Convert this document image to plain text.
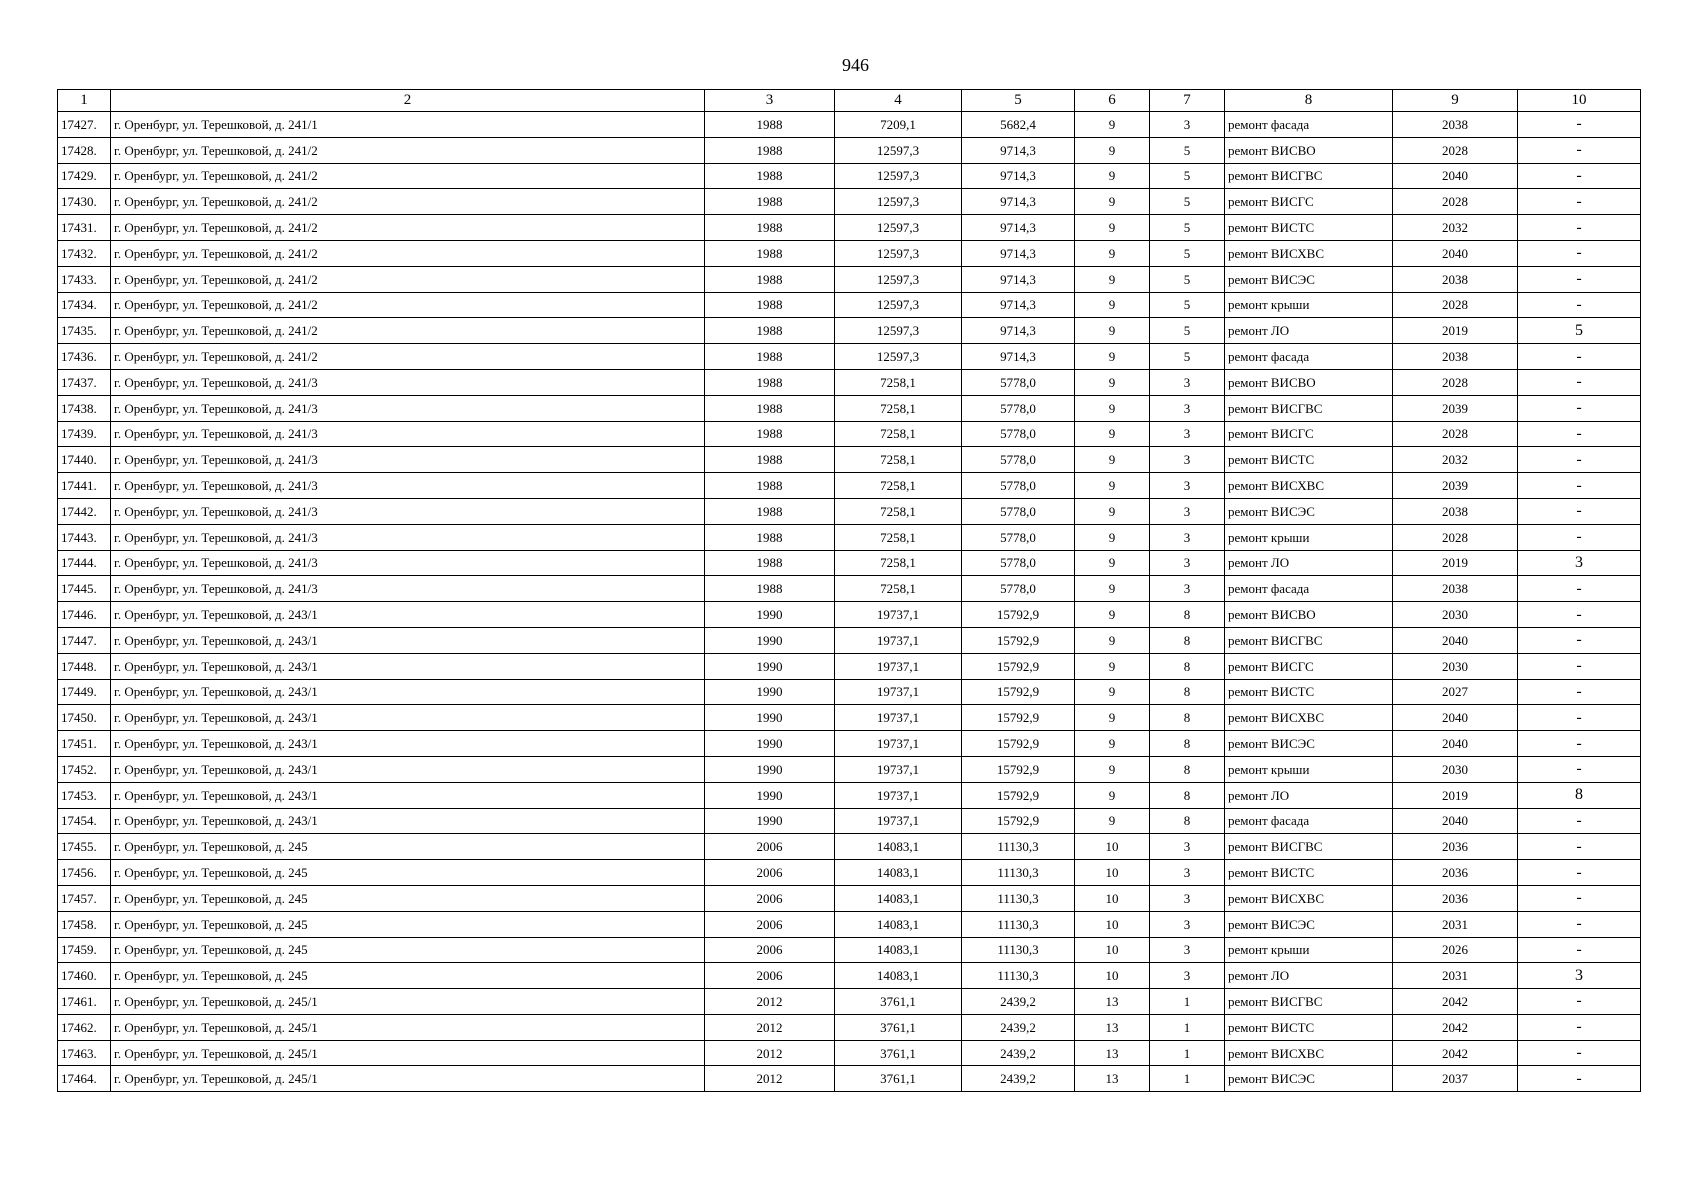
946
1	2	3	4	5	6	7	8	9	10
17427.	г. Оренбург, ул. Терешковой, д. 241/1	1988	7209,1	5682,4	9	3	ремонт фасада	2038	-
17428.	г. Оренбург, ул. Терешковой, д. 241/2	1988	12597,3	9714,3	9	5	ремонт ВИСВО	2028	-
17429.	г. Оренбург, ул. Терешковой, д. 241/2	1988	12597,3	9714,3	9	5	ремонт ВИСГВС	2040	-
17430.	г. Оренбург, ул. Терешковой, д. 241/2	1988	12597,3	9714,3	9	5	ремонт ВИСГС	2028	-
17431.	г. Оренбург, ул. Терешковой, д. 241/2	1988	12597,3	9714,3	9	5	ремонт ВИСТС	2032	-
17432.	г. Оренбург, ул. Терешковой, д. 241/2	1988	12597,3	9714,3	9	5	ремонт ВИСХВС	2040	-
17433.	г. Оренбург, ул. Терешковой, д. 241/2	1988	12597,3	9714,3	9	5	ремонт ВИСЭС	2038	-
17434.	г. Оренбург, ул. Терешковой, д. 241/2	1988	12597,3	9714,3	9	5	ремонт крыши	2028	-
17435.	г. Оренбург, ул. Терешковой, д. 241/2	1988	12597,3	9714,3	9	5	ремонт ЛО	2019	5
17436.	г. Оренбург, ул. Терешковой, д. 241/2	1988	12597,3	9714,3	9	5	ремонт фасада	2038	-
17437.	г. Оренбург, ул. Терешковой, д. 241/3	1988	7258,1	5778,0	9	3	ремонт ВИСВО	2028	-
17438.	г. Оренбург, ул. Терешковой, д. 241/3	1988	7258,1	5778,0	9	3	ремонт ВИСГВС	2039	-
17439.	г. Оренбург, ул. Терешковой, д. 241/3	1988	7258,1	5778,0	9	3	ремонт ВИСГС	2028	-
17440.	г. Оренбург, ул. Терешковой, д. 241/3	1988	7258,1	5778,0	9	3	ремонт ВИСТС	2032	-
17441.	г. Оренбург, ул. Терешковой, д. 241/3	1988	7258,1	5778,0	9	3	ремонт ВИСХВС	2039	-
17442.	г. Оренбург, ул. Терешковой, д. 241/3	1988	7258,1	5778,0	9	3	ремонт ВИСЭС	2038	-
17443.	г. Оренбург, ул. Терешковой, д. 241/3	1988	7258,1	5778,0	9	3	ремонт крыши	2028	-
17444.	г. Оренбург, ул. Терешковой, д. 241/3	1988	7258,1	5778,0	9	3	ремонт ЛО	2019	3
17445.	г. Оренбург, ул. Терешковой, д. 241/3	1988	7258,1	5778,0	9	3	ремонт фасада	2038	-
17446.	г. Оренбург, ул. Терешковой, д. 243/1	1990	19737,1	15792,9	9	8	ремонт ВИСВО	2030	-
17447.	г. Оренбург, ул. Терешковой, д. 243/1	1990	19737,1	15792,9	9	8	ремонт ВИСГВС	2040	-
17448.	г. Оренбург, ул. Терешковой, д. 243/1	1990	19737,1	15792,9	9	8	ремонт ВИСГС	2030	-
17449.	г. Оренбург, ул. Терешковой, д. 243/1	1990	19737,1	15792,9	9	8	ремонт ВИСТС	2027	-
17450.	г. Оренбург, ул. Терешковой, д. 243/1	1990	19737,1	15792,9	9	8	ремонт ВИСХВС	2040	-
17451.	г. Оренбург, ул. Терешковой, д. 243/1	1990	19737,1	15792,9	9	8	ремонт ВИСЭС	2040	-
17452.	г. Оренбург, ул. Терешковой, д. 243/1	1990	19737,1	15792,9	9	8	ремонт крыши	2030	-
17453.	г. Оренбург, ул. Терешковой, д. 243/1	1990	19737,1	15792,9	9	8	ремонт ЛО	2019	8
17454.	г. Оренбург, ул. Терешковой, д. 243/1	1990	19737,1	15792,9	9	8	ремонт фасада	2040	-
17455.	г. Оренбург, ул. Терешковой, д. 245	2006	14083,1	11130,3	10	3	ремонт ВИСГВС	2036	-
17456.	г. Оренбург, ул. Терешковой, д. 245	2006	14083,1	11130,3	10	3	ремонт ВИСТС	2036	-
17457.	г. Оренбург, ул. Терешковой, д. 245	2006	14083,1	11130,3	10	3	ремонт ВИСХВС	2036	-
17458.	г. Оренбург, ул. Терешковой, д. 245	2006	14083,1	11130,3	10	3	ремонт ВИСЭС	2031	-
17459.	г. Оренбург, ул. Терешковой, д. 245	2006	14083,1	11130,3	10	3	ремонт крыши	2026	-
17460.	г. Оренбург, ул. Терешковой, д. 245	2006	14083,1	11130,3	10	3	ремонт ЛО	2031	3
17461.	г. Оренбург, ул. Терешковой, д. 245/1	2012	3761,1	2439,2	13	1	ремонт ВИСГВС	2042	-
17462.	г. Оренбург, ул. Терешковой, д. 245/1	2012	3761,1	2439,2	13	1	ремонт ВИСТС	2042	-
17463.	г. Оренбург, ул. Терешковой, д. 245/1	2012	3761,1	2439,2	13	1	ремонт ВИСХВС	2042	-
17464.	г. Оренбург, ул. Терешковой, д. 245/1	2012	3761,1	2439,2	13	1	ремонт ВИСЭС	2037	-
